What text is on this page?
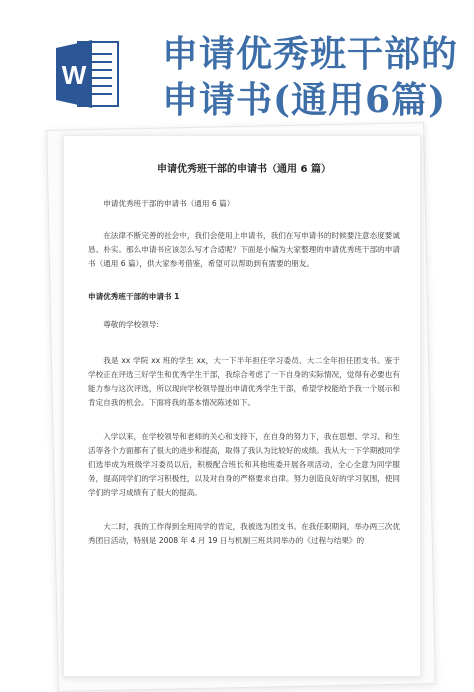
W 申请优秀班干部的
申请书(通用6篇)
申请优秀班干部的申请书（通用 6 篇）
申请优秀班干部的申请书（通用 6 篇）

在法律不断完善的社会中，我们会使用上申请书，我们在写申请书的时候要注意态度要诚恳、朴实。那么申请书应该怎么写才合适呢？下面是小编为大家整理的申请优秀班干部的申请书（通用 6 篇），供大家参考借鉴，希望可以帮助到有需要的朋友。

申请优秀班干部的申请书 1
尊敬的学校领导:

我是 xx 学院 xx 班的学生 xx，大一下半年担任学习委员、大二全年担任团支书。鉴于学校正在评选三好学生和优秀学生干部，我综合考虑了一下自身的实际情况，觉得有必要也有能力参与这次评选，所以现向学校领导提出申请优秀学生干部，希望学校能给予我一个展示和肯定自我的机会。下面将我的基本情况陈述如下。

入学以来，在学校领导和老师的关心和支持下，在自身的努力下，我在思想、学习、和生活等各个方面都有了很大的进步和提高，取得了我认为比较好的成绩。我从大一下学期被同学们选举成为班级学习委员以后，积极配合班长和其他班委开展各项活动，全心全意为同学服务，提高同学们的学习积极性，以及对自身的严格要求自律。努力创造良好的学习氛围，使同学们的学习成绩有了很大的提高。

大二时，我的工作得到全班同学的肯定，我被选为团支书。在我任职期间，举办两三次优秀团日活动，特别是 2008 年 4 月 19 日与机制三班共同举办的《过程与结果》的
